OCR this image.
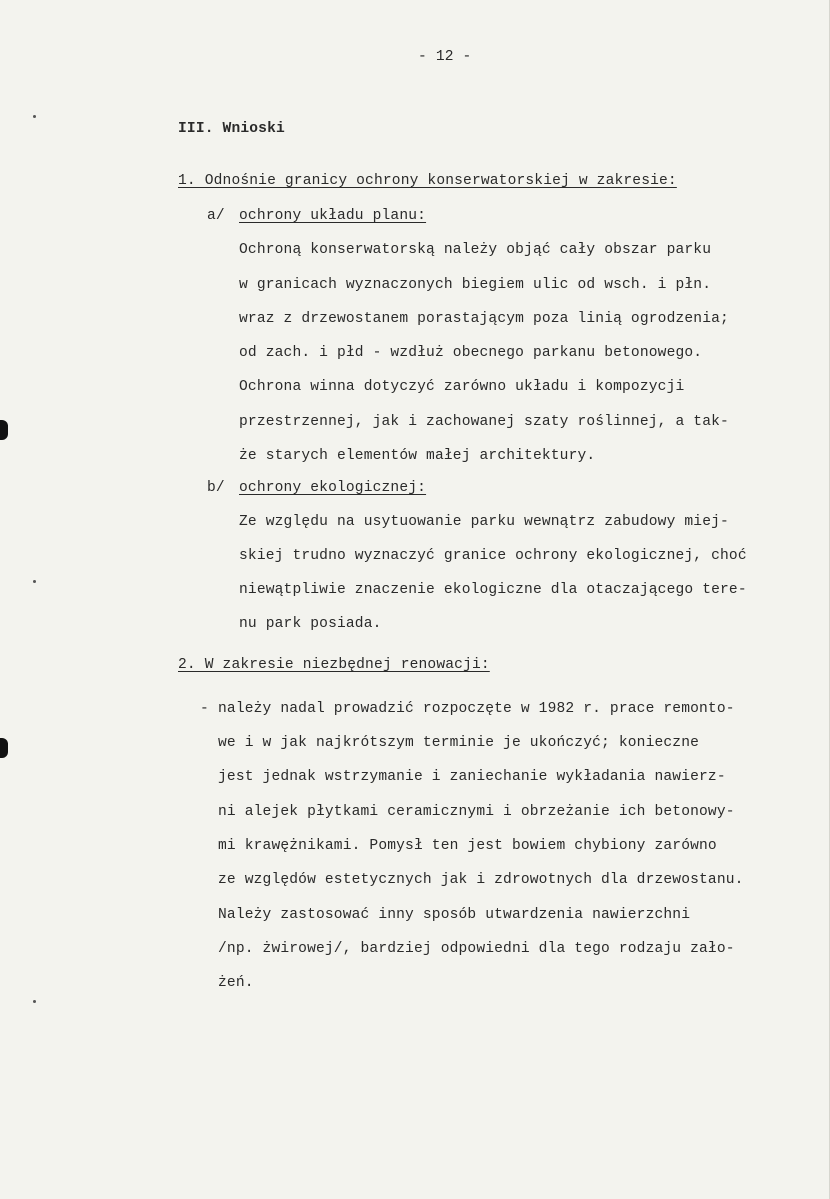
- 12 -
III. Wnioski
1. Odnośnie granicy ochrony konserwatorskiej w zakresie:
a/ ochrony układu planu:
Ochroną konserwatorską należy objąć cały obszar parku
w granicach wyznaczonych biegiem ulic od wsch. i płn.
wraz z drzewostanem porastającym poza linią ogrodzenia;
od zach. i płd - wzdłuż obecnego parkanu betonowego.
Ochrona winna dotyczyć zarówno układu i kompozycji
przestrzennej, jak i zachowanej szaty roślinnej, a tak-
że starych elementów małej architektury.
b/ ochrony ekologicznej:
Ze względu na usytuowanie parku wewnątrz zabudowy miej-
skiej trudno wyznaczyć granice ochrony ekologicznej, choć
niewątpliwie znaczenie ekologiczne dla otaczającego tere-
nu park posiada.
2. W zakresie niezbędnej renowacji:
- należy nadal prowadzić rozpoczęte w 1982 r. prace remonto-
we i w jak najkrótszym terminie je ukończyć; konieczne
jest jednak wstrzymanie i zaniechanie wykładania nawierz-
ni alejek płytkami ceramicznymi i obrzeżanie ich betonowy-
mi krawężnikami. Pomysł ten jest bowiem chybiony zarówno
ze względów estetycznych jak i zdrowotnych dla drzewostanu.
Należy zastosować inny sposób utwardzenia nawierzchni
/np. żwirowej/, bardziej odpowiedni dla tego rodzaju zało-
żeń.
